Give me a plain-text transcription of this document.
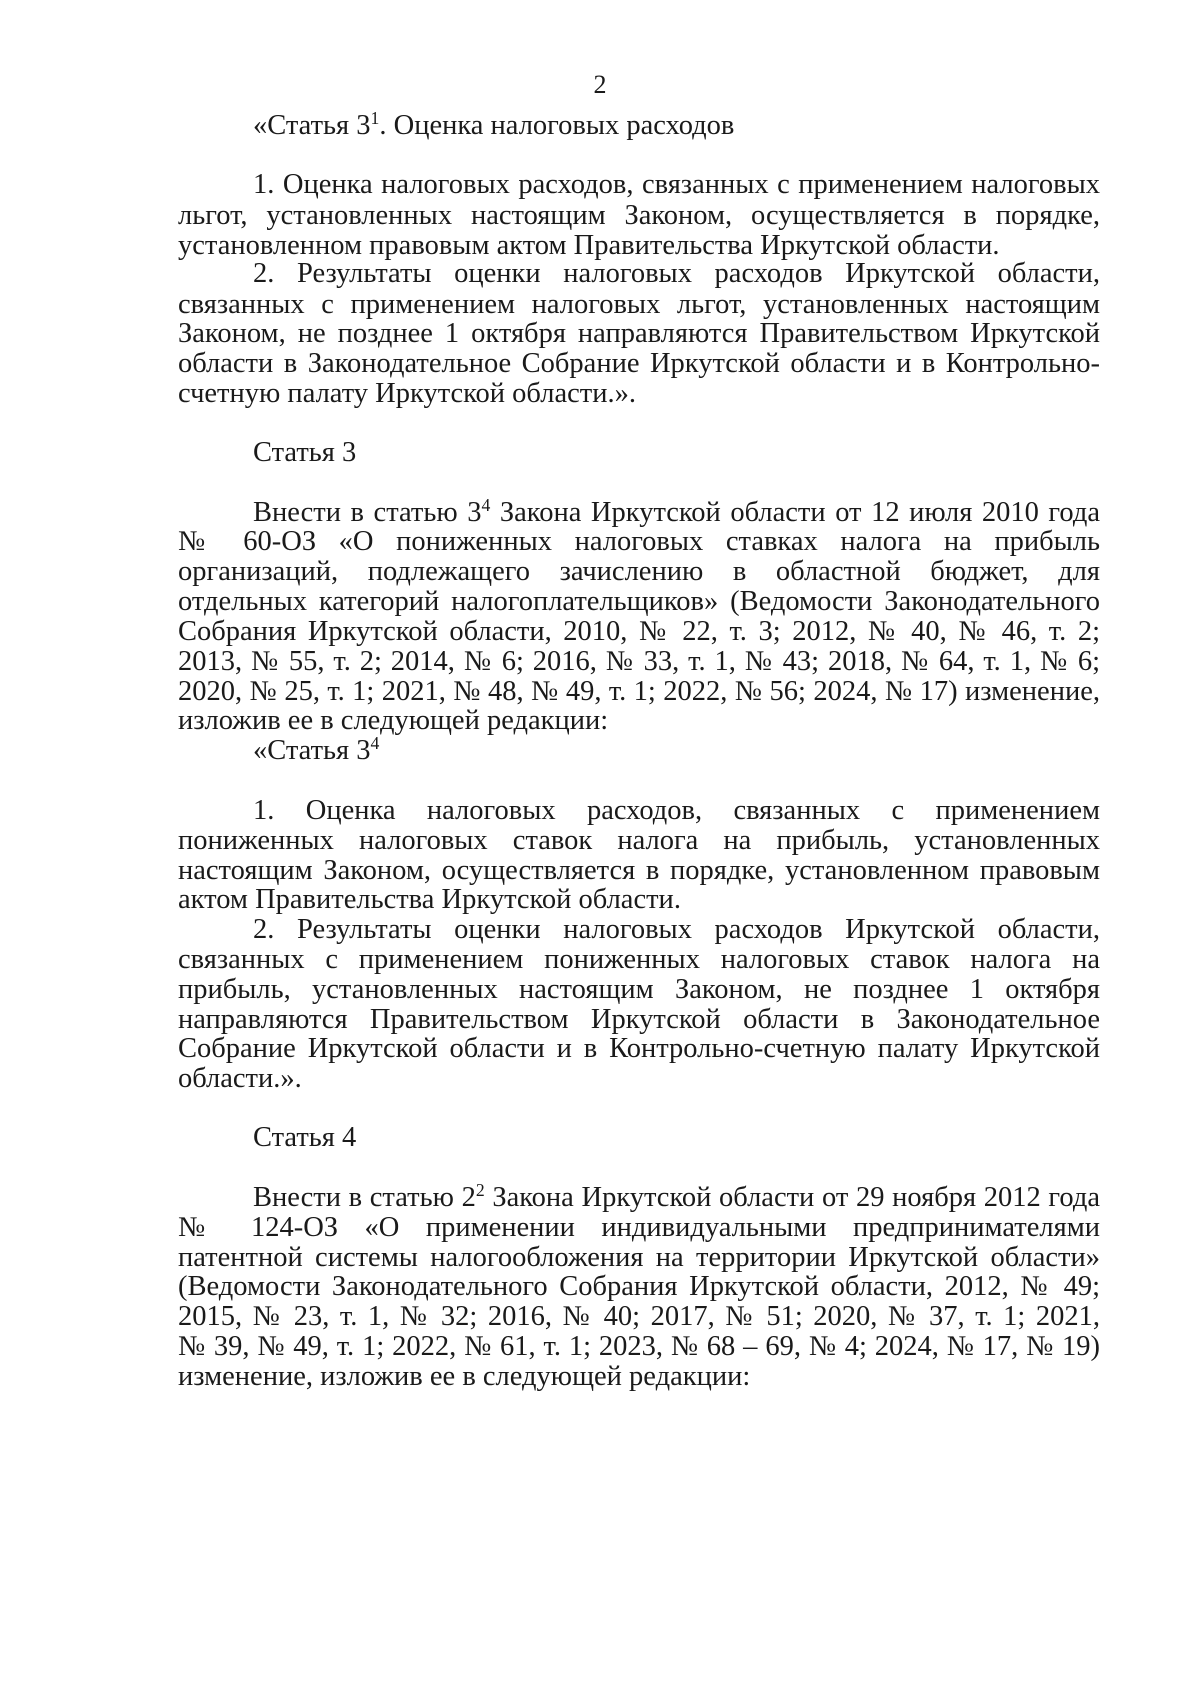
2
«Статья $3^1$. Оценка налоговых расходов
1. Оценка налоговых расходов, связанных с применением налоговых
льгот, установленных настоящим Законом, осуществляется в порядке,
установленном правовым актом Правительства Иркутской области.
2. Результаты оценки налоговых расходов Иркутской области,
связанных с применением налоговых льгот, установленных настоящим
Законом, не позднее 1 октября направляются Правительством Иркутской
области в Законодательное Собрание Иркутской области и в Контрольно-
счетную палату Иркутской области.».
Статья 3
Внести в статью $3^4$ Закона Иркутской области от 12 июля 2010 года
№ 60-ОЗ «О пониженных налоговых ставках налога на прибыль
организаций, подлежащего зачислению в областной бюджет, для
отдельных категорий налогоплательщиков» (Ведомости Законодательного
Собрания Иркутской области, 2010, № 22, т. 3; 2012, № 40, № 46, т. 2;
2013, № 55, т. 2; 2014, № 6; 2016, № 33, т. 1, № 43; 2018, № 64, т. 1, № 6;
2020, № 25, т. 1; 2021, № 48, № 49, т. 1; 2022, № 56; 2024, № 17) изменение,
изложив ее в следующей редакции:
«Статья $3^4$
1. Оценка налоговых расходов, связанных с применением
пониженных налоговых ставок налога на прибыль, установленных
настоящим Законом, осуществляется в порядке, установленном правовым
актом Правительства Иркутской области.
2. Результаты оценки налоговых расходов Иркутской области,
связанных с применением пониженных налоговых ставок налога на
прибыль, установленных настоящим Законом, не позднее 1 октября
направляются Правительством Иркутской области в Законодательное
Собрание Иркутской области и в Контрольно-счетную палату Иркутской
области.».
Статья 4
Внести в статью $2^2$ Закона Иркутской области от 29 ноября 2012 года
№ 124-ОЗ «О применении индивидуальными предпринимателями
патентной системы налогообложения на территории Иркутской области»
(Ведомости Законодательного Собрания Иркутской области, 2012, № 49;
2015, № 23, т. 1, № 32; 2016, № 40; 2017, № 51; 2020, № 37, т. 1; 2021,
№ 39, № 49, т. 1; 2022, № 61, т. 1; 2023, № 68 – 69, № 4; 2024, № 17, № 19)
изменение, изложив ее в следующей редакции:
